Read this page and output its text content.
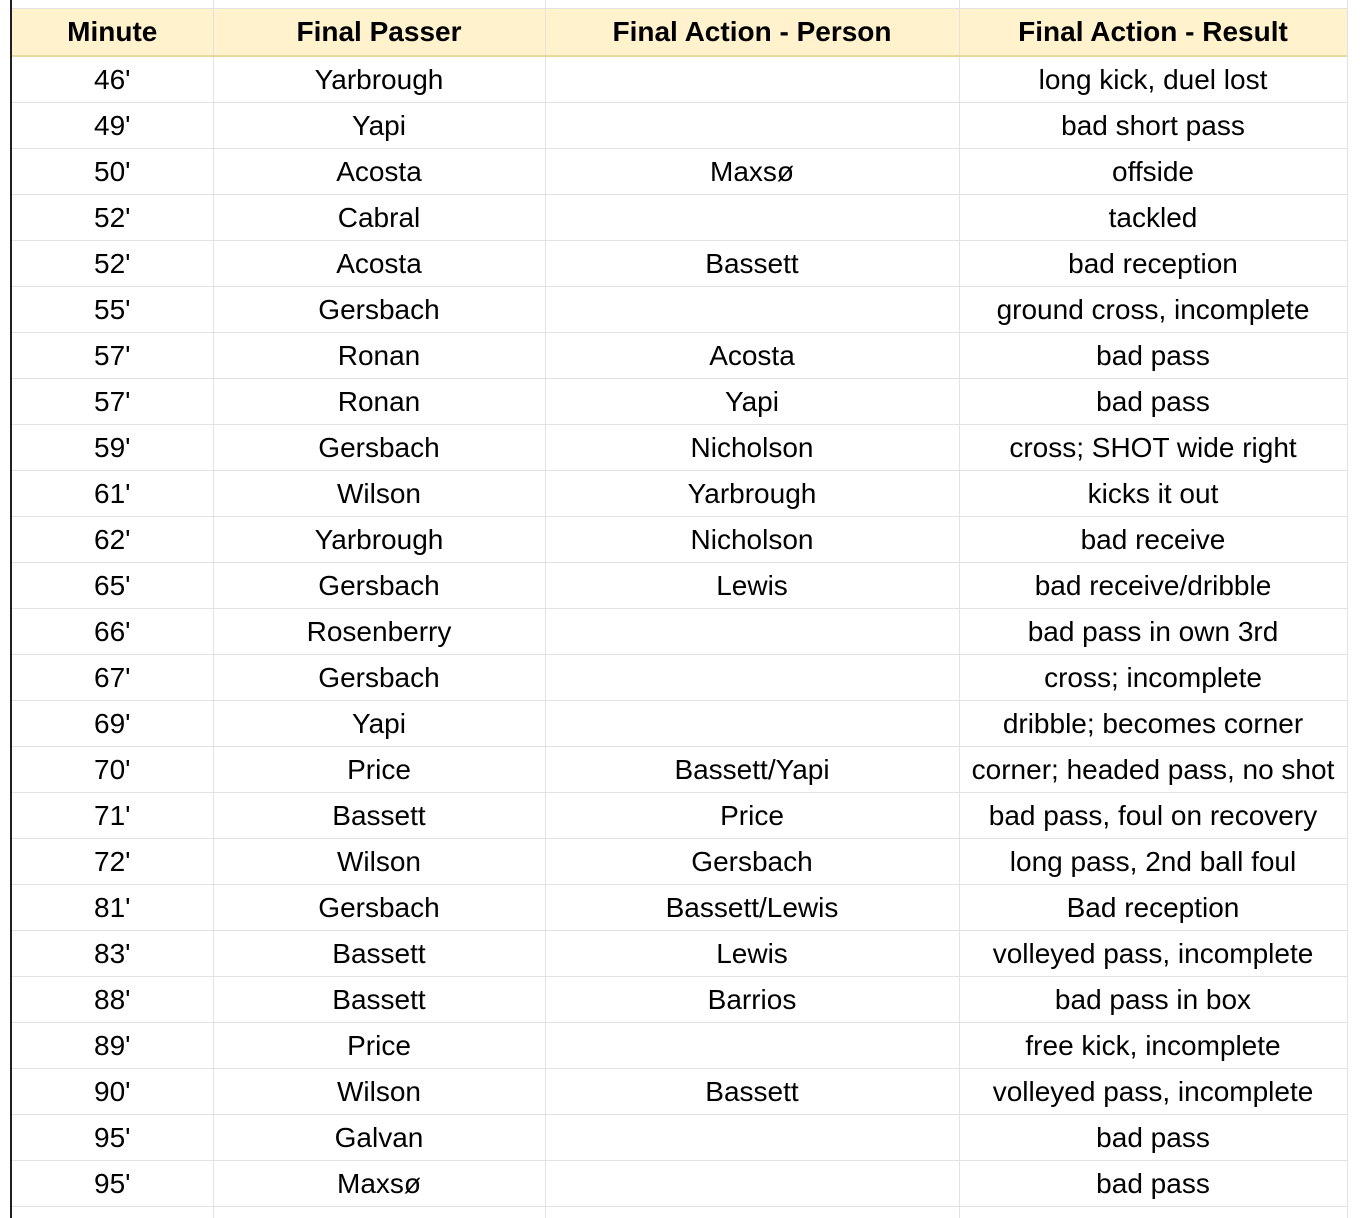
Minute	Final Passer	Final Action - Person	Final Action - Result
46'	Yarbrough		long kick, duel lost
49'	Yapi		bad short pass
50'	Acosta	Maxsø	offside
52'	Cabral		tackled
52'	Acosta	Bassett	bad reception
55'	Gersbach		ground cross, incomplete
57'	Ronan	Acosta	bad pass
57'	Ronan	Yapi	bad pass
59'	Gersbach	Nicholson	cross; SHOT wide right
61'	Wilson	Yarbrough	kicks it out
62'	Yarbrough	Nicholson	bad receive
65'	Gersbach	Lewis	bad receive/dribble
66'	Rosenberry		bad pass in own 3rd
67'	Gersbach		cross; incomplete
69'	Yapi		dribble; becomes corner
70'	Price	Bassett/Yapi	corner; headed pass, no shot
71'	Bassett	Price	bad pass, foul on recovery
72'	Wilson	Gersbach	long pass, 2nd ball foul
81'	Gersbach	Bassett/Lewis	Bad reception
83'	Bassett	Lewis	volleyed pass, incomplete
88'	Bassett	Barrios	bad pass in box
89'	Price		free kick, incomplete
90'	Wilson	Bassett	volleyed pass, incomplete
95'	Galvan		bad pass
95'	Maxsø		bad pass
